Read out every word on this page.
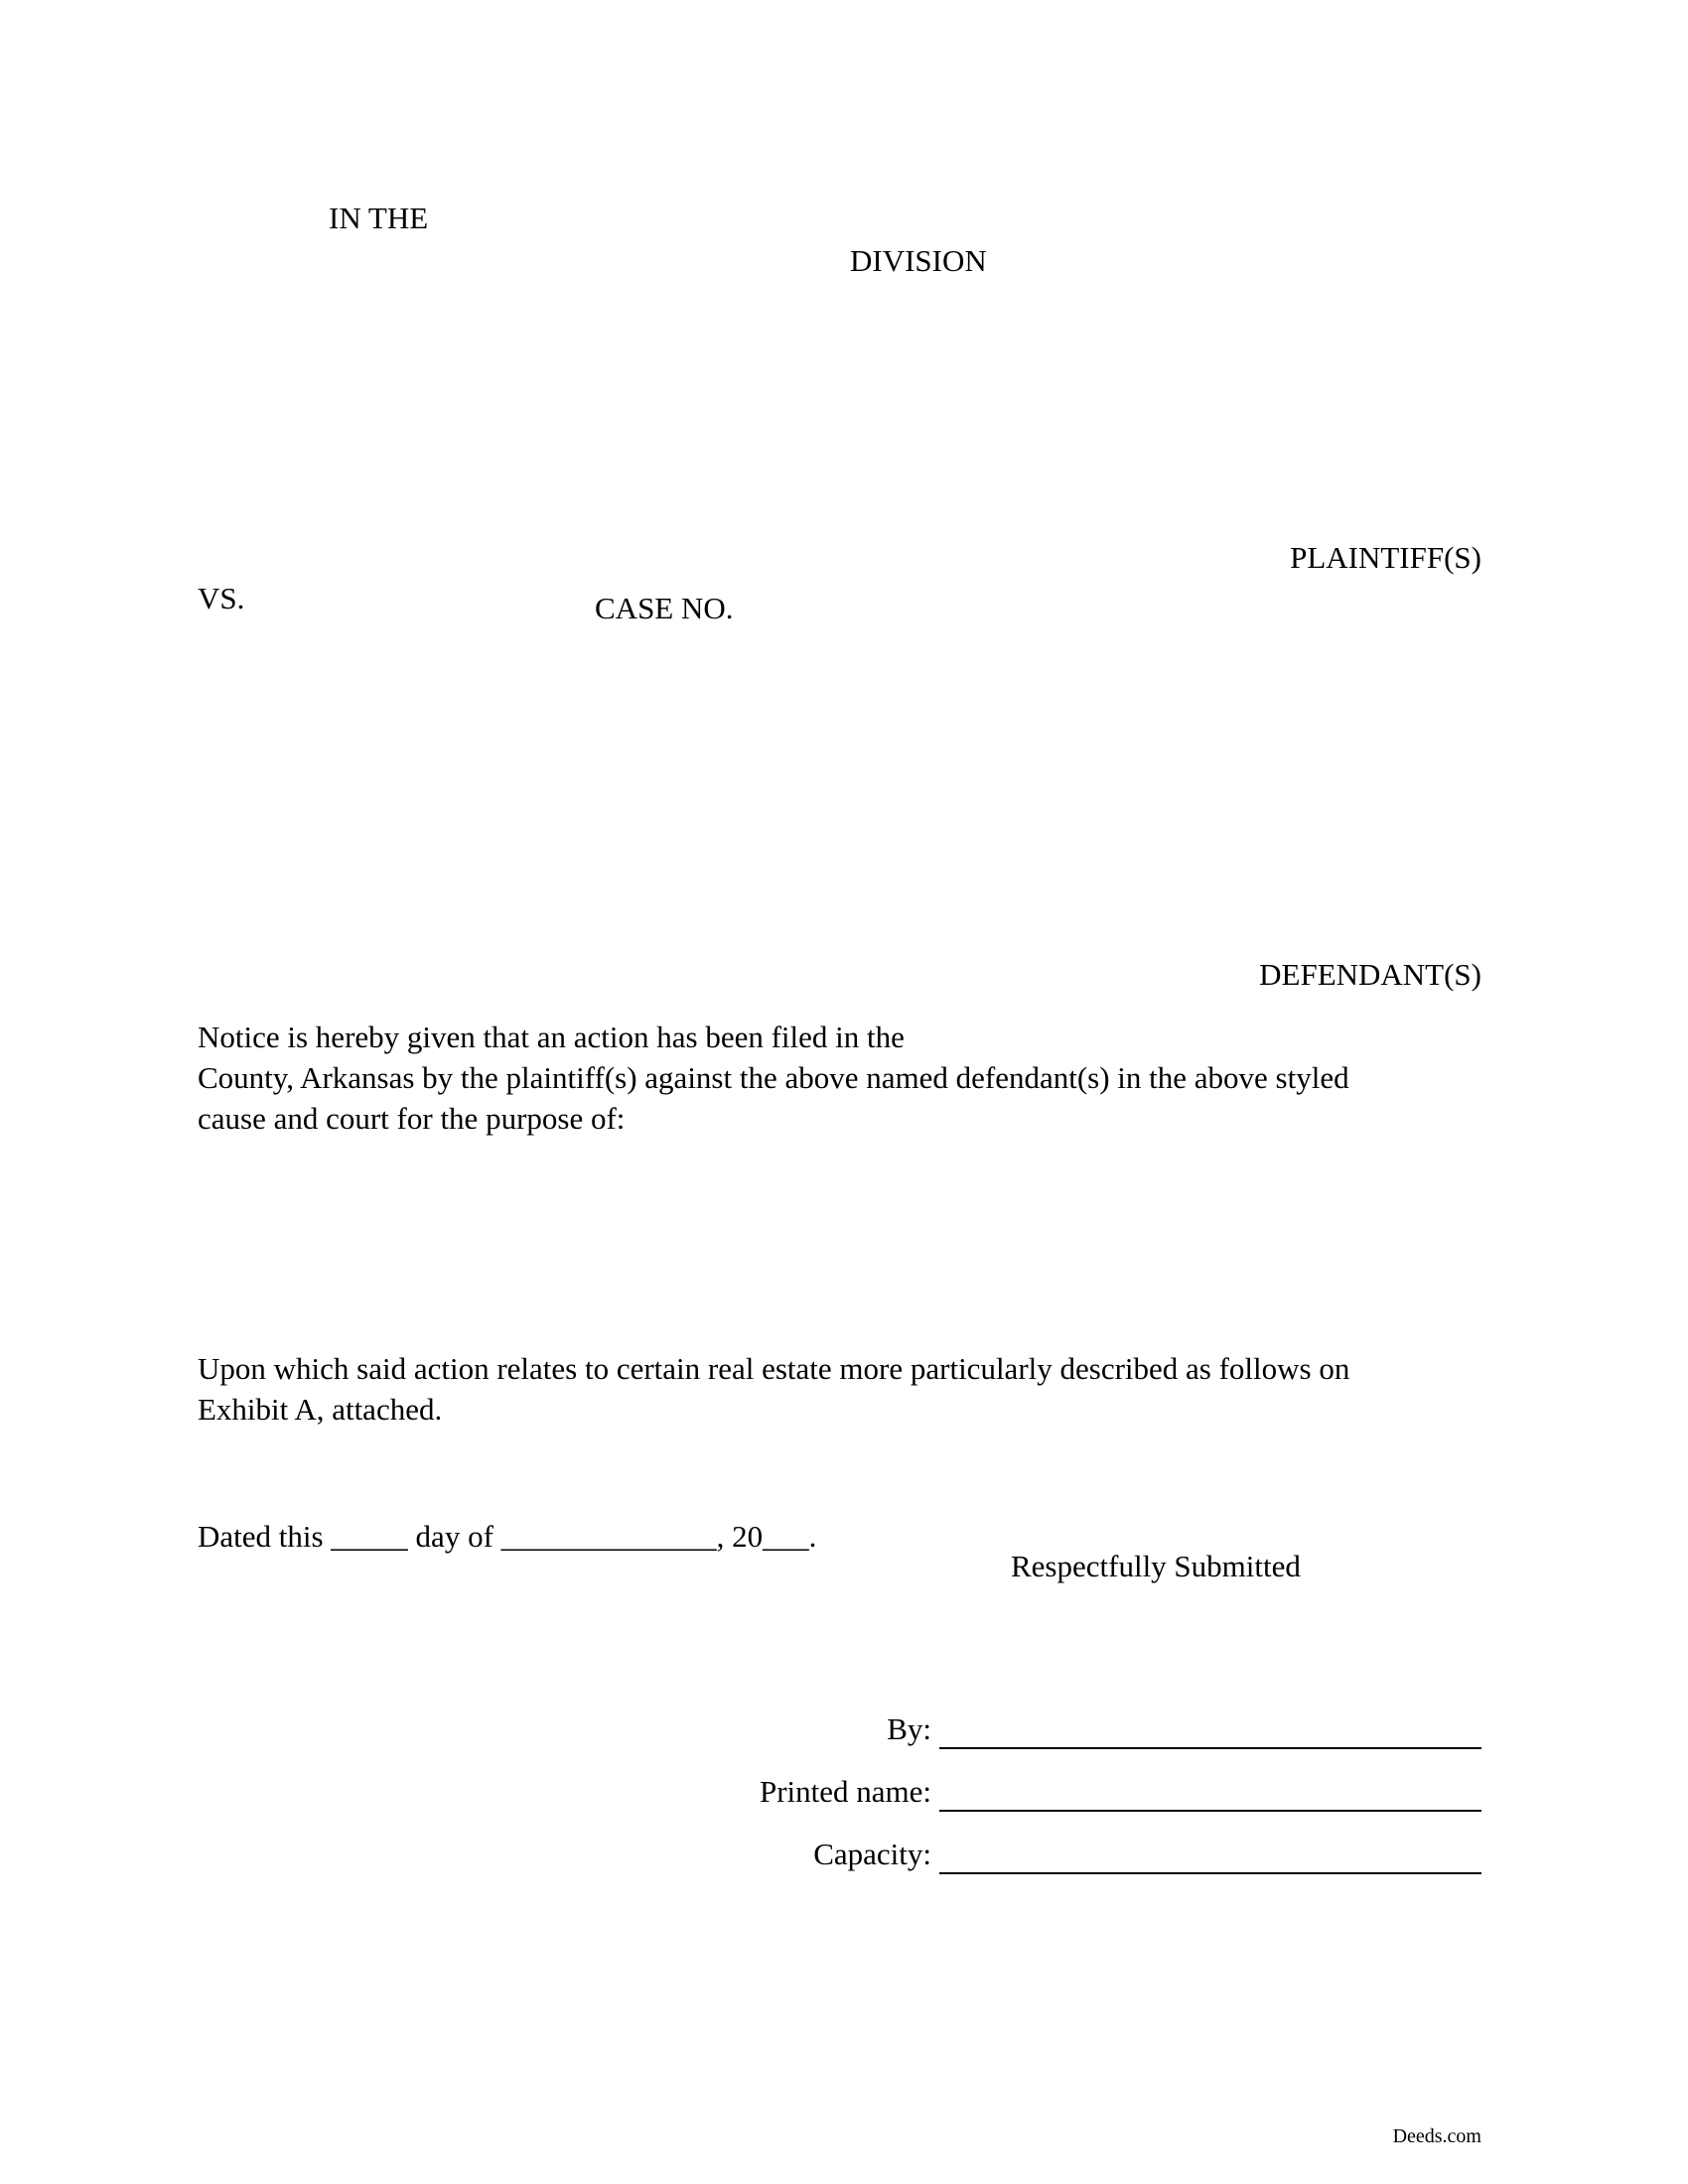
IN THE
DIVISION
PLAINTIFF(S)
VS.	CASE NO.
DEFENDANT(S)
Notice is hereby given that an action has been filed in the
County, Arkansas by the plaintiff(s) against the above named defendant(s) in the above styled
cause and court for the purpose of:
Upon which said action relates to certain real estate more particularly described as follows on
Exhibit A, attached.
Dated this _____ day of ______________, 20___.
Respectfully Submitted
By:
Printed name:
Capacity:
Deeds.com
